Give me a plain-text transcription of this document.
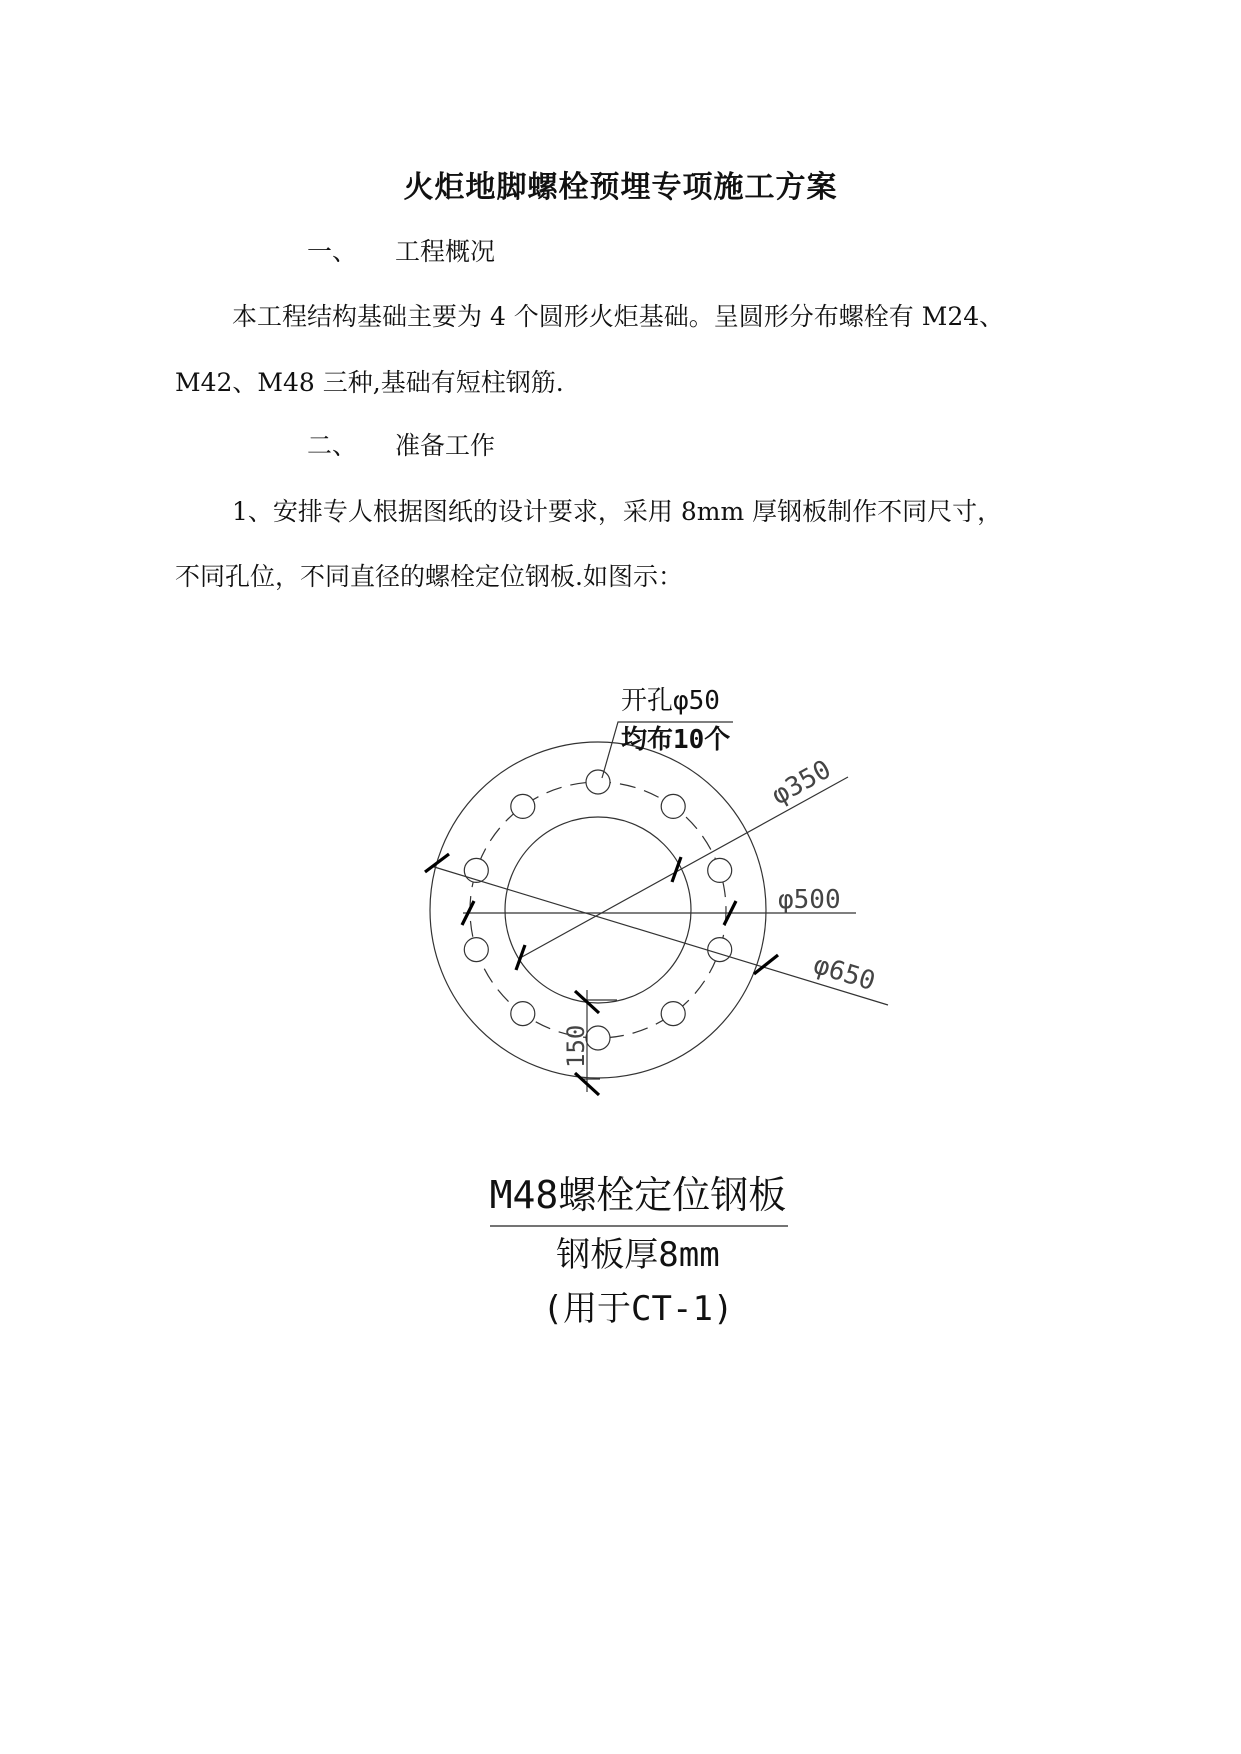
火炬地脚螺栓预埋专项施工方案
一、 工程概况
本工程结构基础主要为 4 个圆形火炬基础。呈圆形分布螺栓有 M24、
M42、M48 三种,基础有短柱钢筋.
二、 准备工作
1、安排专人根据图纸的设计要求，采用 8mm 厚钢板制作不同尺寸，
不同孔位，不同直径的螺栓定位钢板.如图示：
φ350
φ500
φ650
150
开孔φ50
均布10个
M48螺栓定位钢板
钢板厚8mm
(用于CT-1)
